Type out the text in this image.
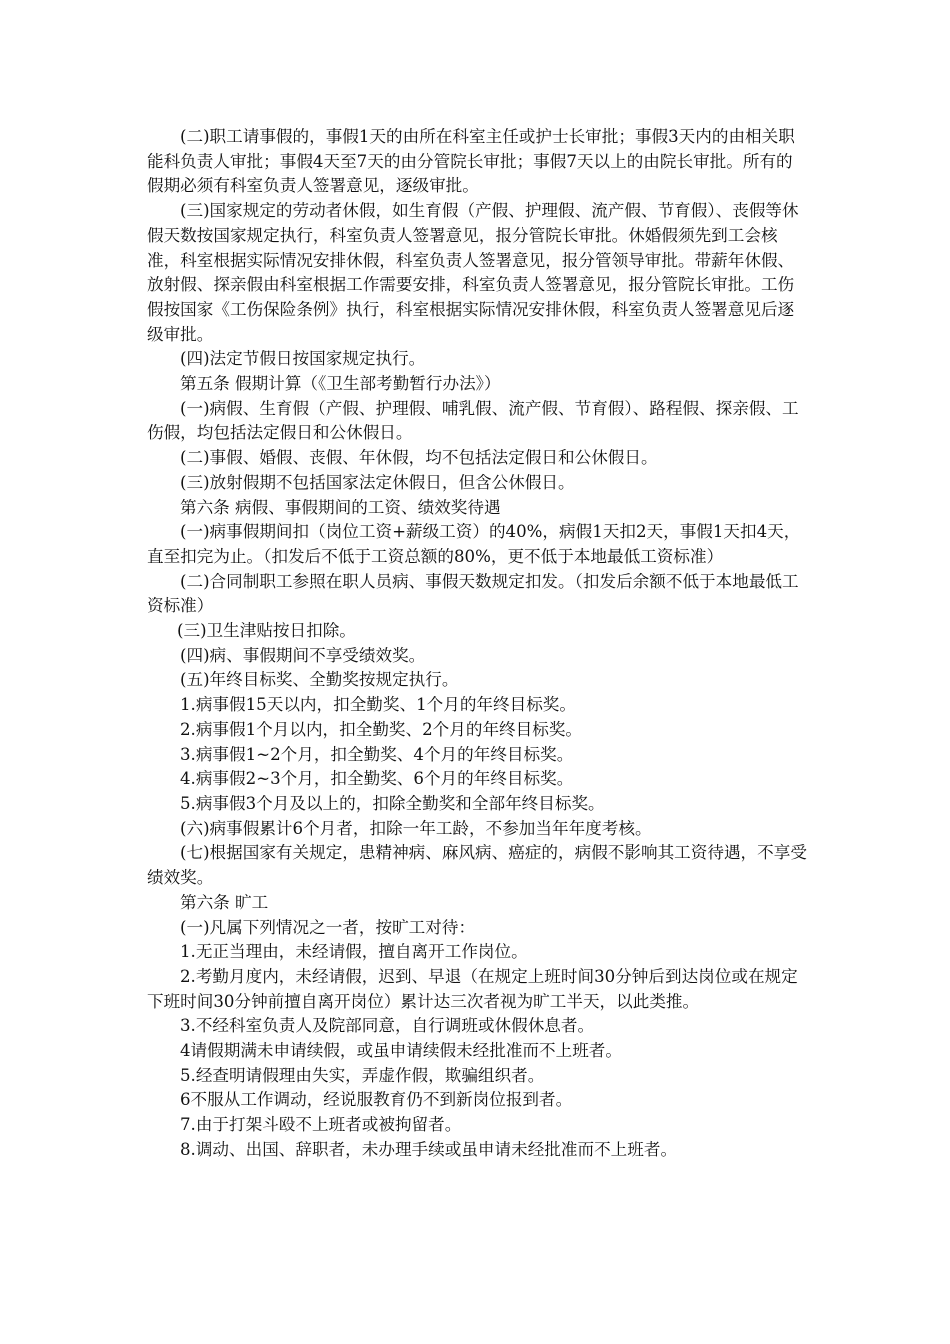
(二)职工请事假的，事假1天的由所在科室主任或护士长审批；事假3天内的由相关职能科负责人审批；事假4天至7天的由分管院长审批；事假7天以上的由院长审批。所有的假期必须有科室负责人签署意见，逐级审批。

(三)国家规定的劳动者休假，如生育假（产假、护理假、流产假、节育假）、丧假等休假天数按国家规定执行，科室负责人签署意见，报分管院长审批。休婚假须先到工会核准，科室根据实际情况安排休假，科室负责人签署意见，报分管领导审批。带薪年休假、放射假、探亲假由科室根据工作需要安排，科室负责人签署意见，报分管院长审批。工伤假按国家《工伤保险条例》执行，科室根据实际情况安排休假，科室负责人签署意见后逐级审批。

(四)法定节假日按国家规定执行。

第五条 假期计算（《卫生部考勤暂行办法》）

(一)病假、生育假（产假、护理假、哺乳假、流产假、节育假）、路程假、探亲假、工伤假，均包括法定假日和公休假日。

(二)事假、婚假、丧假、年休假，均不包括法定假日和公休假日。

(三)放射假期不包括国家法定休假日，但含公休假日。

第六条 病假、事假期间的工资、绩效奖待遇

(一)病事假期间扣（岗位工资+薪级工资）的40%，病假1天扣2天，事假1天扣4天，直至扣完为止。（扣发后不低于工资总额的80%，更不低于本地最低工资标准）

(二)合同制职工参照在职人员病、事假天数规定扣发。（扣发后余额不低于本地最低工资标准）

(三)卫生津贴按日扣除。

(四)病、事假期间不享受绩效奖。

(五)年终目标奖、全勤奖按规定执行。

1.病事假15天以内，扣全勤奖、1个月的年终目标奖。

2.病事假1个月以内，扣全勤奖、2个月的年终目标奖。

3.病事假1~2个月，扣全勤奖、4个月的年终目标奖。

4.病事假2~3个月，扣全勤奖、6个月的年终目标奖。

5.病事假3个月及以上的，扣除全勤奖和全部年终目标奖。

(六)病事假累计6个月者，扣除一年工龄，不参加当年年度考核。

(七)根据国家有关规定，患精神病、麻风病、癌症的，病假不影响其工资待遇，不享受绩效奖。

第六条 旷工

(一)凡属下列情况之一者，按旷工对待：

1.无正当理由，未经请假，擅自离开工作岗位。

2.考勤月度内，未经请假，迟到、早退（在规定上班时间30分钟后到达岗位或在规定下班时间30分钟前擅自离开岗位）累计达三次者视为旷工半天，以此类推。

3.不经科室负责人及院部同意，自行调班或休假休息者。

4请假期满未申请续假，或虽申请续假未经批准而不上班者。

5.经查明请假理由失实，弄虚作假，欺骗组织者。

6不服从工作调动，经说服教育仍不到新岗位报到者。

7.由于打架斗殴不上班者或被拘留者。

8.调动、出国、辞职者，未办理手续或虽申请未经批准而不上班者。
